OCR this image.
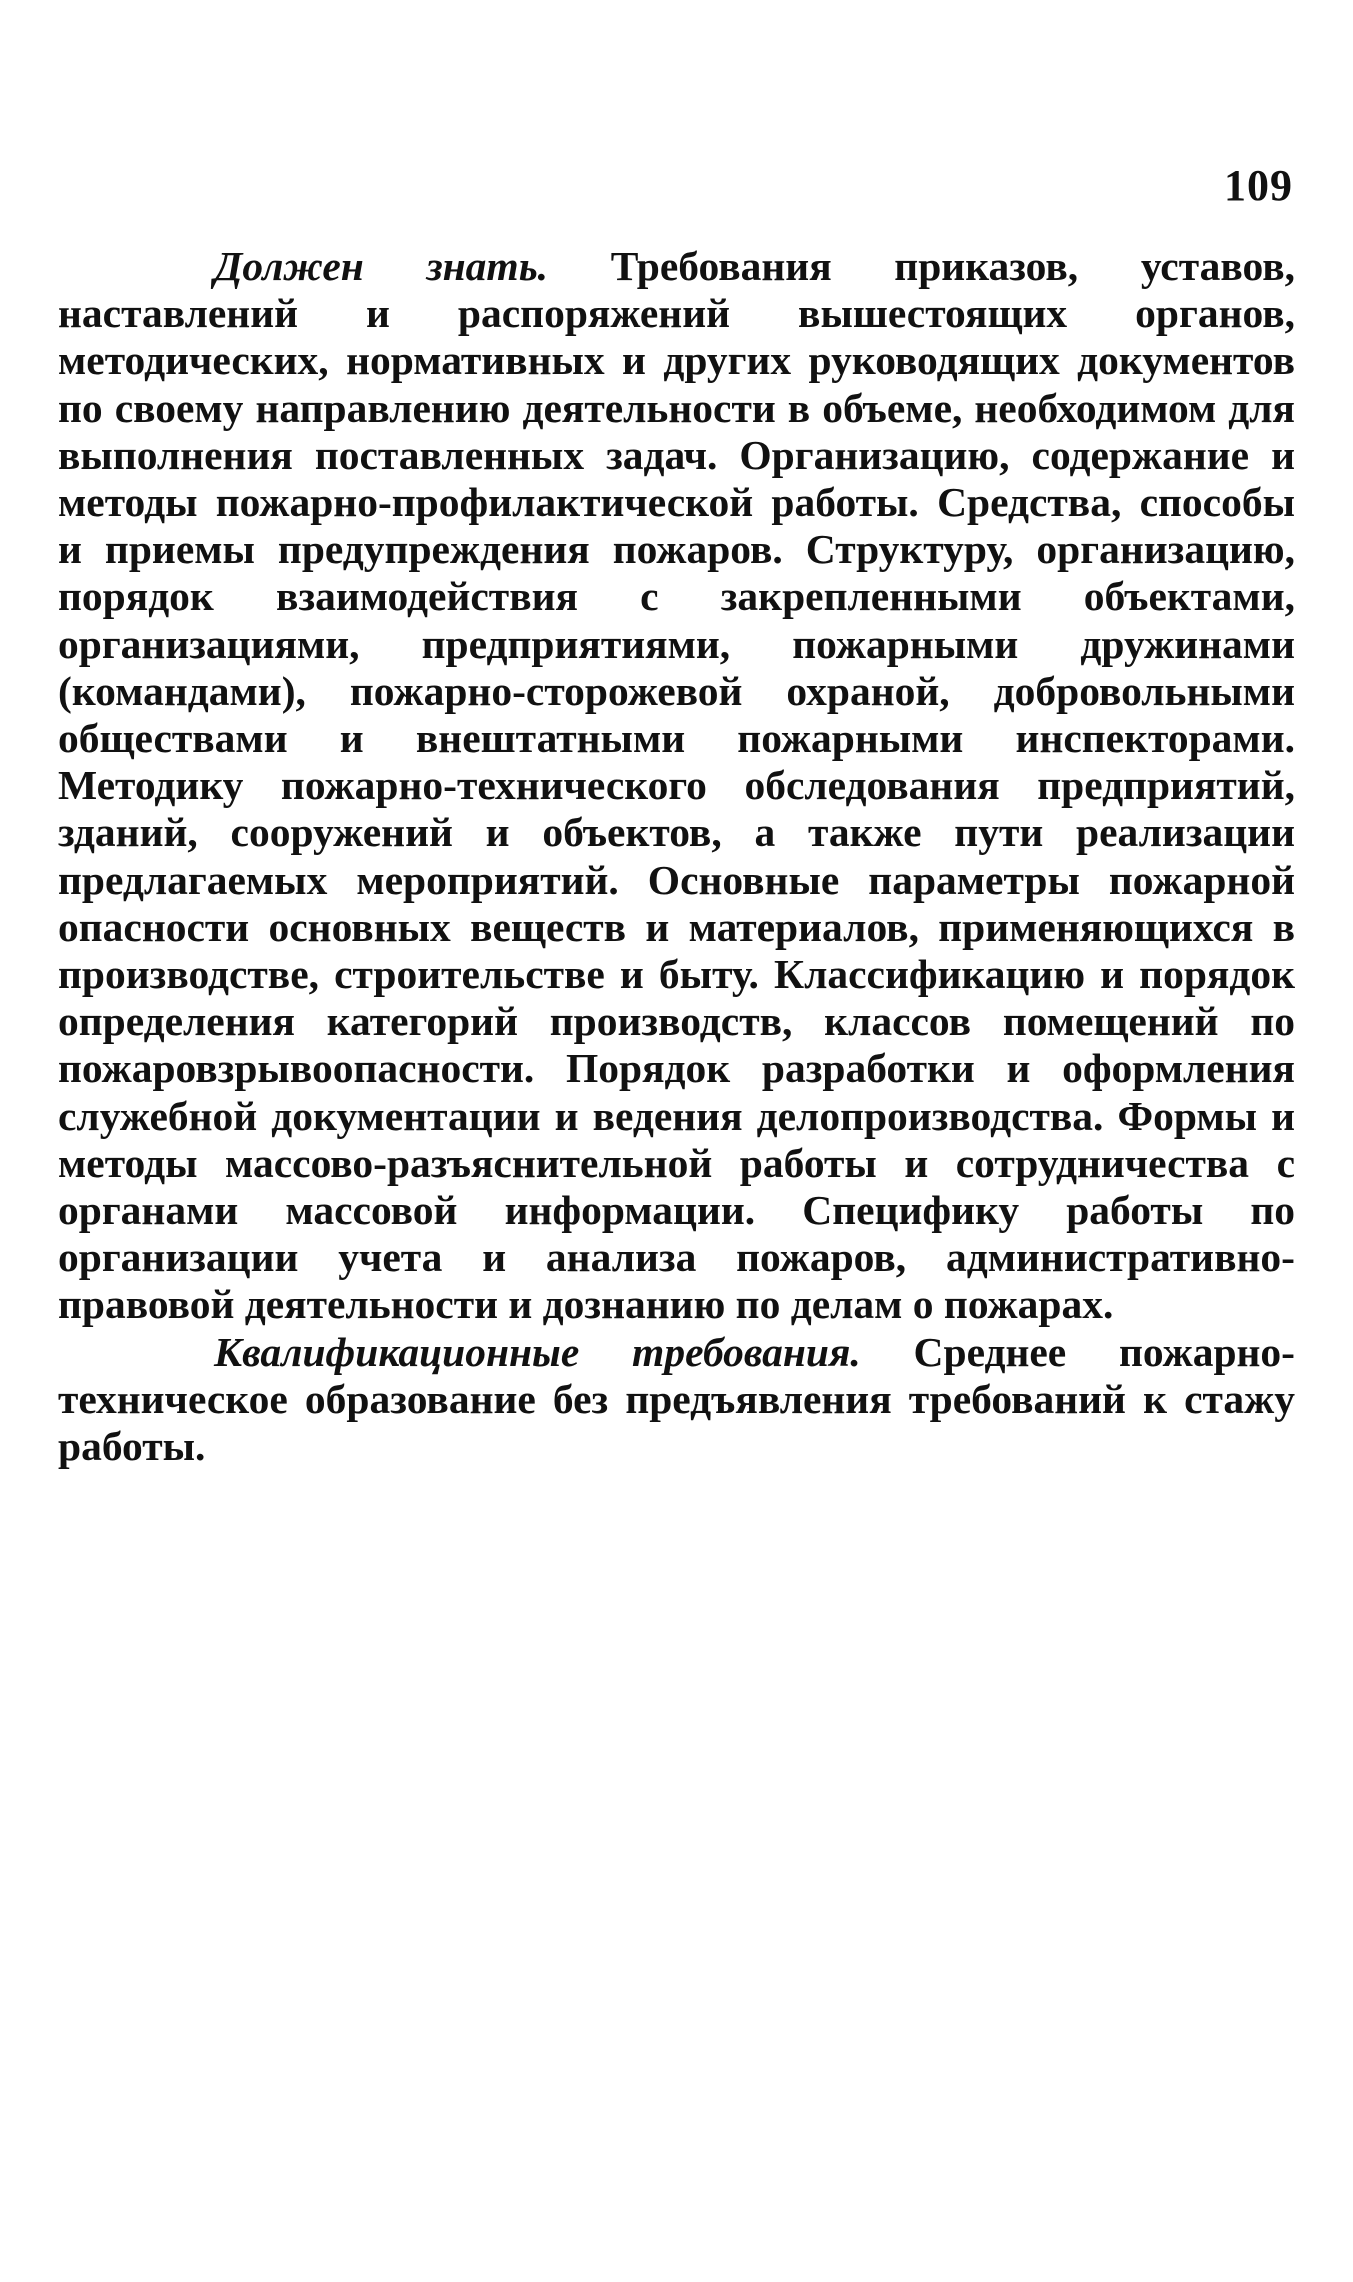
109

Должен знать. Требования приказов, уставов, наставлений и распоряжений вышестоящих органов, методических, нормативных и других руководящих документов по своему направлению деятельности в объеме, необходимом для выполнения поставленных задач. Организацию, содержание и методы пожарно-профилактической работы. Средства, способы и приемы предупреждения пожаров. Структуру, организацию, порядок взаимодействия с закрепленными объектами, организациями, предприятиями, пожарными дружинами (командами), пожарно-сторожевой охраной, добровольными обществами и внештатными пожарными инспекторами. Методику пожарно-технического обследования предприятий, зданий, сооружений и объектов, а также пути реализации предлагаемых мероприятий. Основные параметры пожарной опасности основных веществ и материалов, применяющихся в производстве, строительстве и быту. Классификацию и порядок определения категорий производств, классов помещений по пожаровзрывоопасности. Порядок разработки и оформления служебной документации и ведения делопроизводства. Формы и методы массово-разъяснительной работы и сотрудничества с органами массовой информации. Специфику работы по организации учета и анализа пожаров, административно-правовой деятельности и дознанию по делам о пожарах.

Квалификационные требования. Среднее пожарно-техническое образование без предъявления требований к стажу работы.
